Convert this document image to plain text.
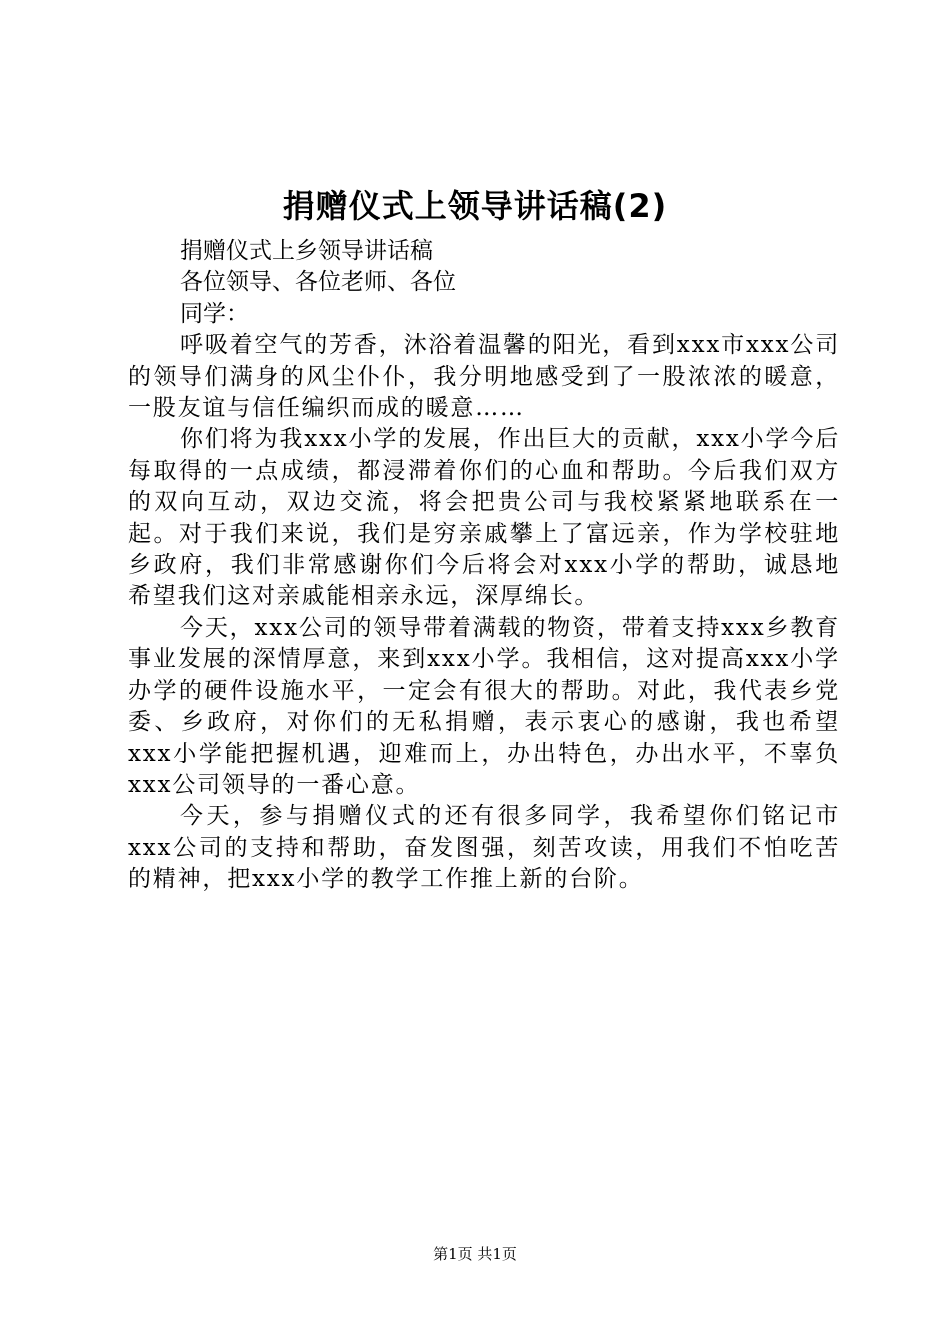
捐赠仪式上领导讲话稿(2)

捐赠仪式上乡领导讲话稿

各位领导、各位老师、各位

同学：

呼吸着空气的芳香，沐浴着温馨的阳光，看到xxx市xxx公司的领导们满身的风尘仆仆，我分明地感受到了一股浓浓的暖意，一股友谊与信任编织而成的暖意……

你们将为我xxx小学的发展，作出巨大的贡献，xxx小学今后每取得的一点成绩，都浸滞着你们的心血和帮助。今后我们双方的双向互动，双边交流，将会把贵公司与我校紧紧地联系在一起。对于我们来说，我们是穷亲戚攀上了富远亲，作为学校驻地乡政府，我们非常感谢你们今后将会对xxx小学的帮助，诚恳地希望我们这对亲戚能相亲永远，深厚绵长。

今天，xxx公司的领导带着满载的物资，带着支持xxx乡教育事业发展的深情厚意，来到xxx小学。我相信，这对提高xxx小学办学的硬件设施水平，一定会有很大的帮助。对此，我代表乡党委、乡政府，对你们的无私捐赠，表示衷心的感谢，我也希望xxx小学能把握机遇，迎难而上，办出特色，办出水平，不辜负xxx公司领导的一番心意。

今天，参与捐赠仪式的还有很多同学，我希望你们铭记市xxx公司的支持和帮助，奋发图强，刻苦攻读，用我们不怕吃苦的精神，把xxx小学的教学工作推上新的台阶。

第1页 共1页
